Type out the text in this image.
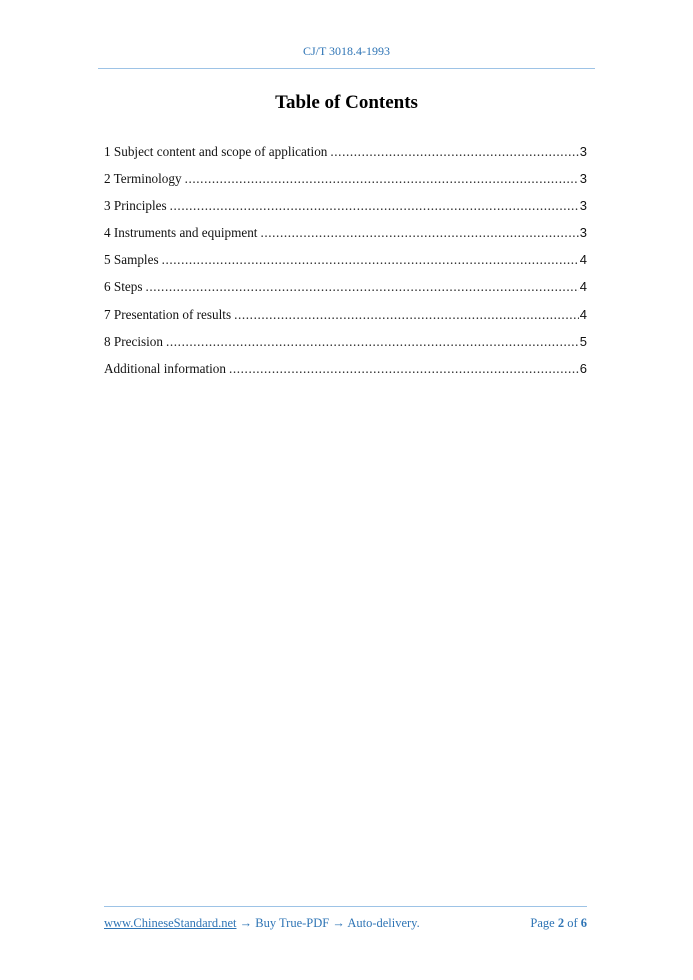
CJ/T 3018.4-1993
Table of Contents
1 Subject content and scope of application .....	3
2 Terminology .....	3
3 Principles .....	3
4 Instruments and equipment .....	3
5 Samples .....	4
6 Steps .....	4
7 Presentation of results .....	4
8 Precision .....	5
Additional information .....	6
www.ChineseStandard.net → Buy True-PDF → Auto-delivery.	Page 2 of 6
